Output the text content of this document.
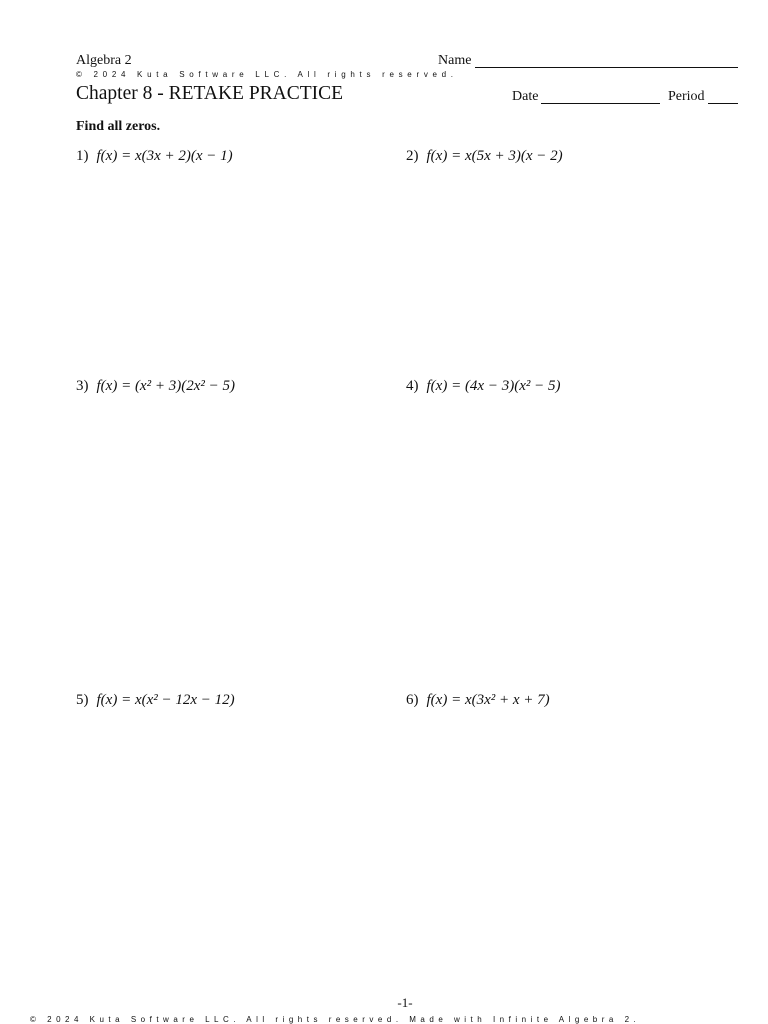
Algebra 2	Name
© 2024 Kuta Software LLC. All rights reserved.
Chapter 8 - RETAKE PRACTICE	Date	Period
Find all zeros.
1) f(x) = x(3x + 2)(x − 1)	2) f(x) = x(5x + 3)(x − 2)
3) f(x) = (x² + 3)(2x² − 5)	4) f(x) = (4x − 3)(x² − 5)
5) f(x) = x(x² − 12x − 12)	6) f(x) = x(3x² + x + 7)
-1-
© 2024 Kuta Software LLC. All rights reserved. Made with Infinite Algebra 2.
